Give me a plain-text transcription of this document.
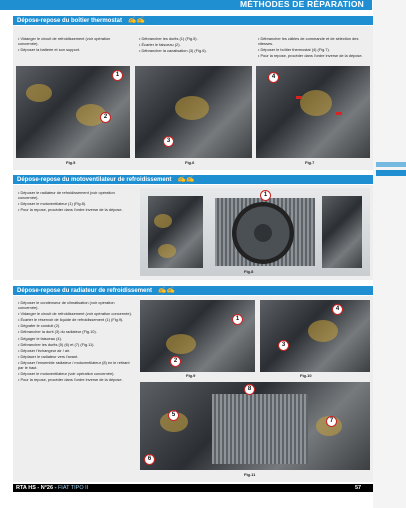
MÉTHODES DE RÉPARATION
Dépose-repose du boîtier thermostat ✍✍

• Vidanger le circuit de refroidissement (voir opération concernée).

• Déposer la batterie et son support.

• Débrancher les durits (1) (Fig.5).

• Écarter le faisceau (2).

• Débrancher la canalisation (3) (Fig.6).

• Débrancher les câbles de commande et de sélection des vitesses.

• Déposer le boîtier thermostat (4) (Fig.7).

• Pour la repose, procéder dans l'ordre inverse de la dépose.

1
2
Fig.5
3
Fig.6
4
Fig.7
Dépose-repose du motoventilateur de refroidissement ✍✍

• Déposer le radiateur de refroidissement (voir opération concernée).

• Déposer le motoventilateur (1) (Fig.8).

• Pour la repose, procéder dans l'ordre inverse de la dépose.

1
Fig.8
Dépose-repose du radiateur de refroidissement ✍✍

• Déposer le condenseur de climatisation (voir opération concernée).

• Vidanger le circuit de refroidissement (voir opération concernée).

• Écarter le réservoir de liquide de refroidissement (1) (Fig.9).

• Dégrafer le conduit (2).

• Débrancher la durit (3) du radiateur (Fig.10).

• Dégager le faisceau (4).

• Débrancher les durits (5) (6) et (7) (Fig.11).

• Déposer l'échangeur air / air.

• Déplacer le radiateur vers l'avant.

• Déposer l'ensemble radiateur / motoventilateur (8) en le retirant par le haut.

• Déposer le motoventilateur (voir opération concernée).

• Pour la repose, procéder dans l'ordre inverse de la dépose.

1
2
Fig.9
4
3
Fig.10
8
5
7
6
Fig.11
RTA HS - N°26 - FIAT TIPO II	57
